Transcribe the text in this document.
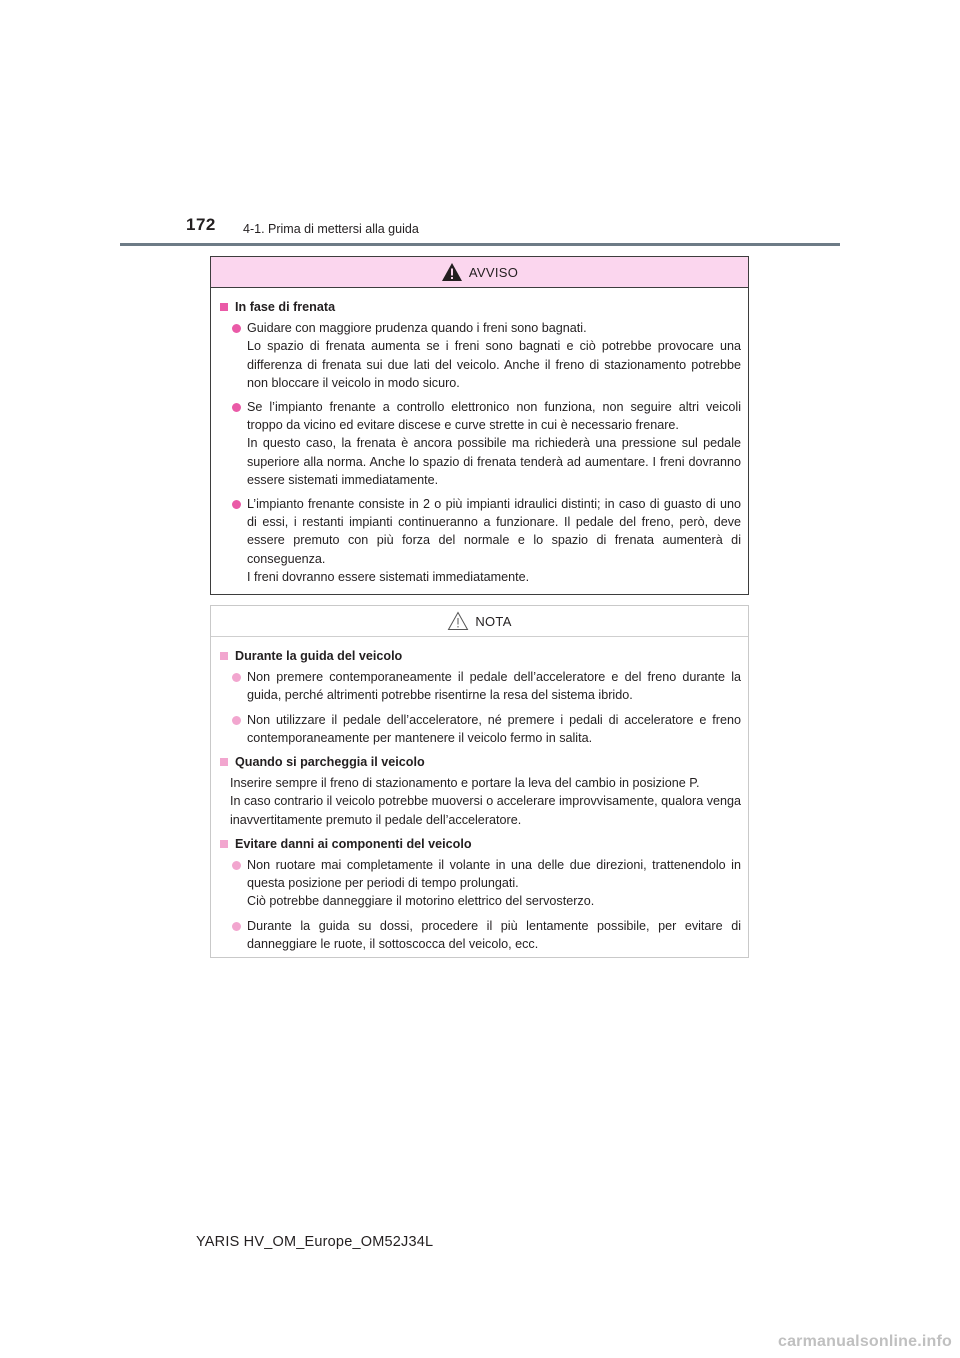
172 4-1. Prima di mettersi alla guida
AVVISO
In fase di frenata

Guidare con maggiore prudenza quando i freni sono bagnati.

Lo spazio di frenata aumenta se i freni sono bagnati e ciò potrebbe provocare una differenza di frenata sui due lati del veicolo. Anche il freno di stazionamento potrebbe non bloccare il veicolo in modo sicuro.

Se l’impianto frenante a controllo elettronico non funziona, non seguire altri veicoli troppo da vicino ed evitare discese e curve strette in cui è necessario frenare.

In questo caso, la frenata è ancora possibile ma richiederà una pressione sul pedale superiore alla norma. Anche lo spazio di frenata tenderà ad aumentare. I freni dovranno essere sistemati immediatamente.

L’impianto frenante consiste in 2 o più impianti idraulici distinti; in caso di guasto di uno di essi, i restanti impianti continueranno a funzionare. Il pedale del freno, però, deve essere premuto con più forza del normale e lo spazio di frenata aumenterà di conseguenza.

I freni dovranno essere sistemati immediatamente.

NOTA
Durante la guida del veicolo

Non premere contemporaneamente il pedale dell’acceleratore e del freno durante la guida, perché altrimenti potrebbe risentirne la resa del sistema ibrido.

Non utilizzare il pedale dell’acceleratore, né premere i pedali di acceleratore e freno contemporaneamente per mantenere il veicolo fermo in salita.

Quando si parcheggia il veicolo

Inserire sempre il freno di stazionamento e portare la leva del cambio in posizione P.

In caso contrario il veicolo potrebbe muoversi o accelerare improvvisamente, qualora venga inavvertitamente premuto il pedale dell’acceleratore.

Evitare danni ai componenti del veicolo

Non ruotare mai completamente il volante in una delle due direzioni, trattenendolo in questa posizione per periodi di tempo prolungati.
Ciò potrebbe danneggiare il motorino elettrico del servosterzo.

Durante la guida su dossi, procedere il più lentamente possibile, per evitare di danneggiare le ruote, il sottoscocca del veicolo, ecc.

YARIS HV_OM_Europe_OM52J34L
carmanualsonline.info
